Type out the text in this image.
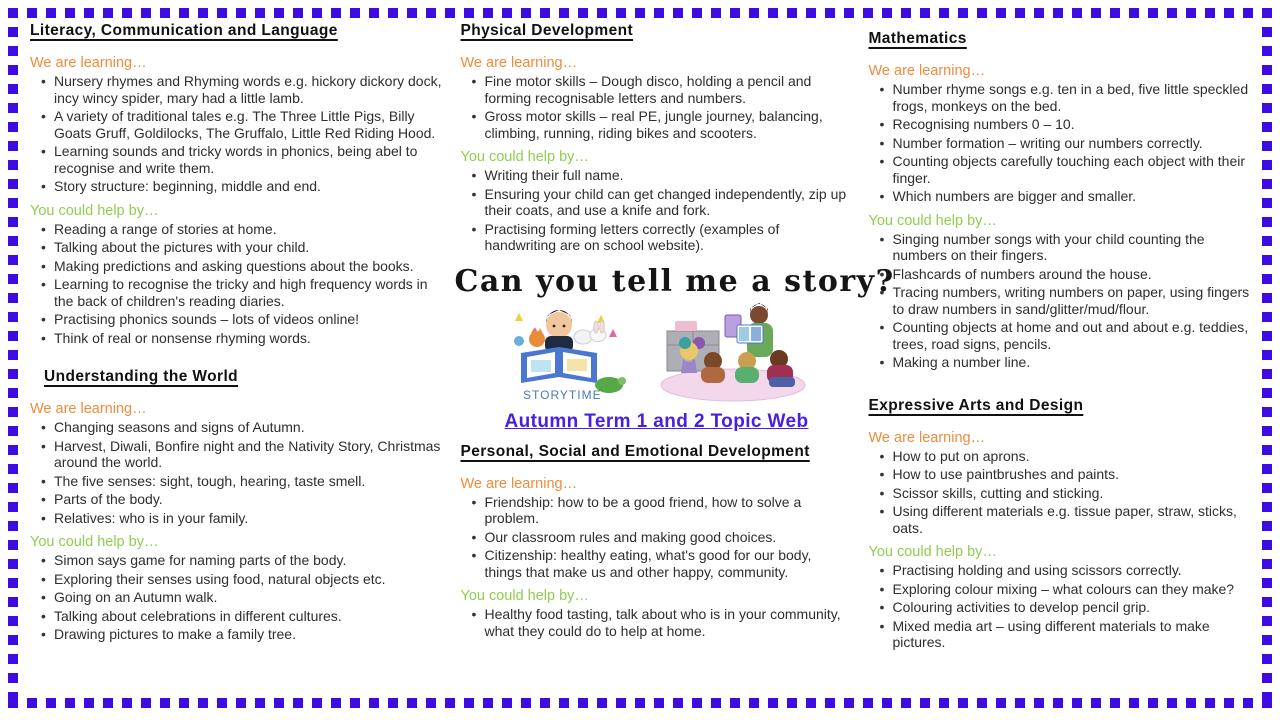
Literacy, Communication and Language
We are learning…
• Nursery rhymes and Rhyming words e.g. hickory dickory dock, incy wincy spider, mary had a little lamb.
• A variety of traditional tales e.g. The Three Little Pigs, Billy Goats Gruff, Goldilocks, The Gruffalo, Little Red Riding Hood.
• Learning sounds and tricky words in phonics, being abel to recognise and write them.
• Story structure: beginning, middle and end.
You could help by…
• Reading a range of stories at home.
• Talking about the pictures with your child.
• Making predictions and asking questions about the books.
• Learning to recognise the tricky and high frequency words in the back of children's reading diaries.
• Practising phonics sounds – lots of videos online!
• Think of real or nonsense rhyming words.
Understanding the World
We are learning…
• Changing seasons and signs of Autumn.
• Harvest, Diwali, Bonfire night and the Nativity Story, Christmas around the world.
• The five senses: sight, tough, hearing, taste smell.
• Parts of the body.
• Relatives: who is in your family.
You could help by…
• Simon says game for naming parts of the body.
• Exploring their senses using food, natural objects etc.
• Going on an Autumn walk.
• Talking about celebrations in different cultures.
• Drawing pictures to make a family tree.
Physical Development
We are learning…
• Fine motor skills – Dough disco, holding a pencil and forming recognisable letters and numbers.
• Gross motor skills – real PE, jungle journey, balancing, climbing, running, riding bikes and scooters.
You could help by…
• Writing their full name.
• Ensuring your child can get changed independently, zip up their coats, and use a knife and fork.
• Practising forming letters correctly (examples of handwriting are on school website).
Can you tell me a story?
STORYTIME
Autumn Term 1 and 2 Topic Web
Personal, Social and Emotional Development
We are learning…
• Friendship: how to be a good friend, how to solve a problem.
• Our classroom rules and making good choices.
• Citizenship: healthy eating, what's good for our body, things that make us and other happy, community.
You could help by…
• Healthy food tasting, talk about who is in your community, what they could do to help at home.
Mathematics
We are learning…
• Number rhyme songs e.g. ten in a bed, five little speckled frogs, monkeys on the bed.
• Recognising numbers 0 – 10.
• Number formation – writing our numbers correctly.
• Counting objects carefully touching each object with their finger.
• Which numbers are bigger and smaller.
You could help by…
• Singing number songs with your child counting the numbers on their fingers.
• Flashcards of numbers around the house.
• Tracing numbers, writing numbers on paper, using fingers to draw numbers in sand/glitter/mud/flour.
• Counting objects at home and out and about e.g. teddies, trees, road signs, pencils.
• Making a number line.
Expressive Arts and Design
We are learning…
• How to put on aprons.
• How to use paintbrushes and paints.
• Scissor skills, cutting and sticking.
• Using different materials e.g. tissue paper, straw, sticks, oats.
You could help by…
• Practising holding and using scissors correctly.
• Exploring colour mixing – what colours can they make?
• Colouring activities to develop pencil grip.
• Mixed media art – using different materials to make pictures.
